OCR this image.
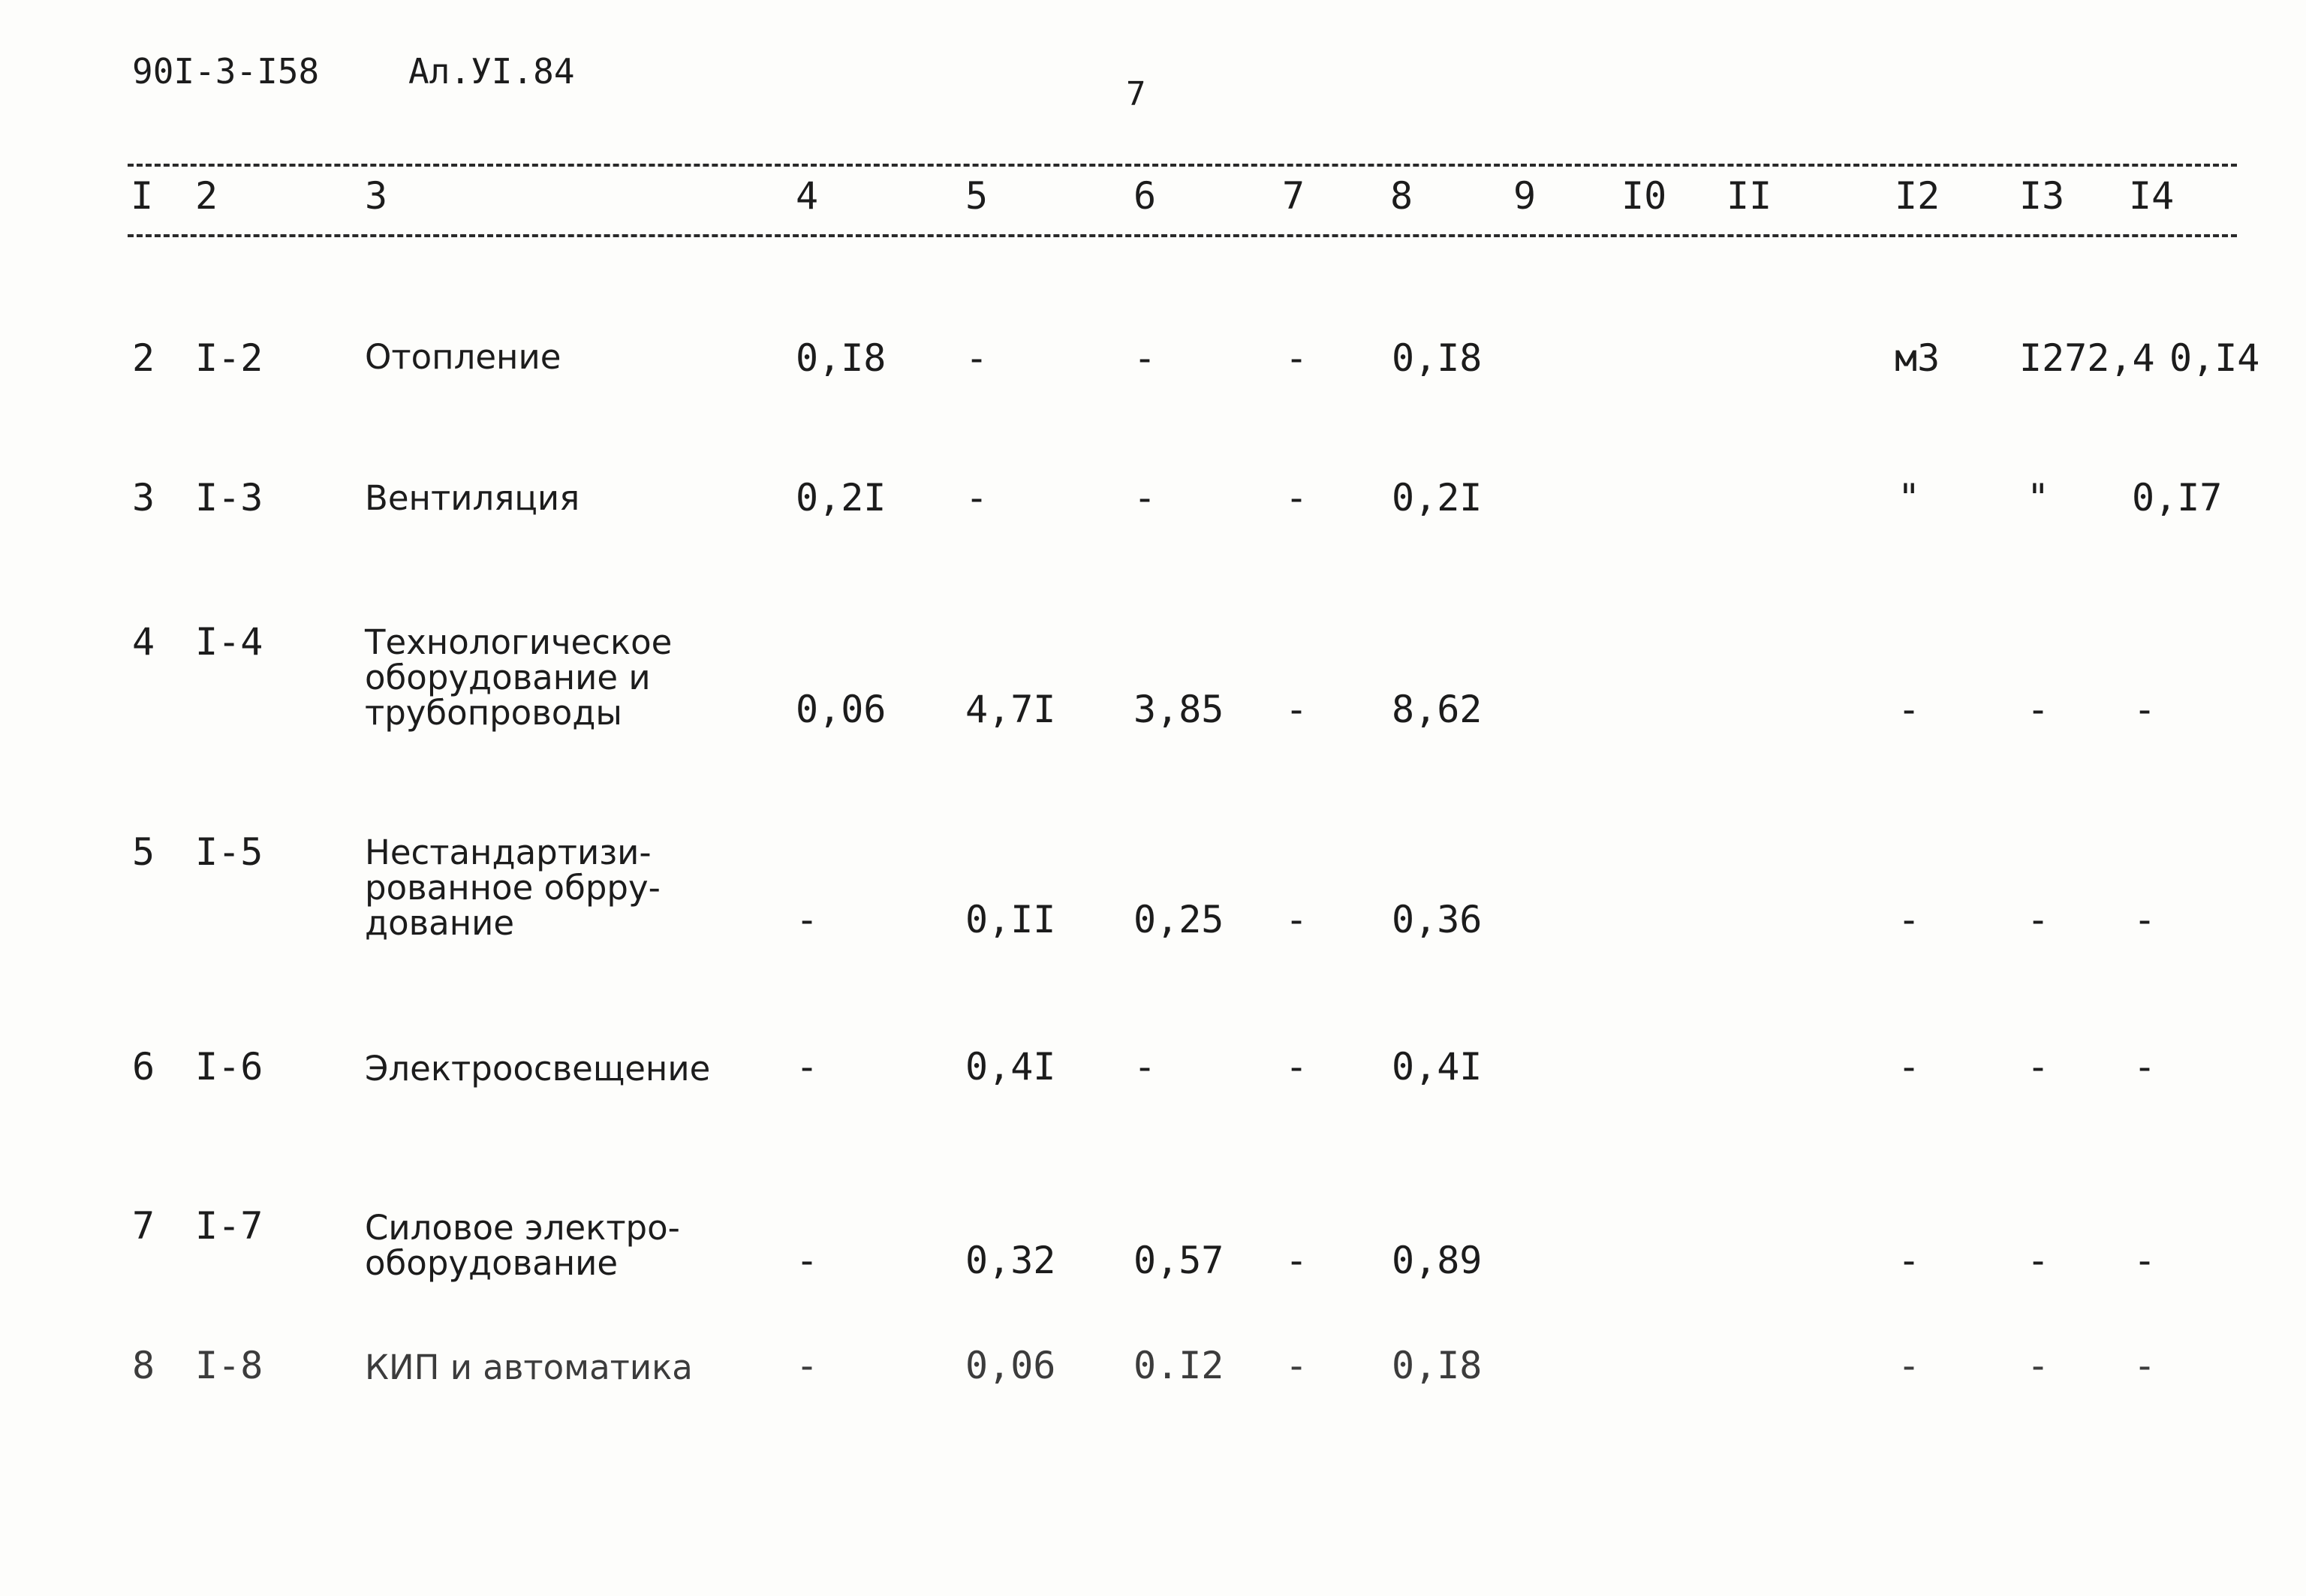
90I-3-I58	Ал.УI.84
7
I 2	3	4	5	6	7 8	9 I0 II	I2 I3 I4
2 I-2	Отопление	0,I8 -	-	- 0,I8	м3 I272,4 0,I4
3 I-3	Вентиляция	0,2I -	-	- 0,2I	"	" 0,I7
4 I-4	Технологическое
оборудование и
трубопроводы	0,06 4,7I 3,85 - 8,62	-	- -
5 I-5	Нестандартизи-
рованное обрру-
дование	-	0,II 0,25 - 0,36	-	- -
6 I-6	Электроосвещение -	0,4I -	- 0,4I	-	- -
7 I-7	Силовое электро-
оборудование	-	0,32 0,57 - 0,89	-	- -
8 I-8	КИП и автоматика	-	0,06 0.I2 - 0,I8	-	- -
